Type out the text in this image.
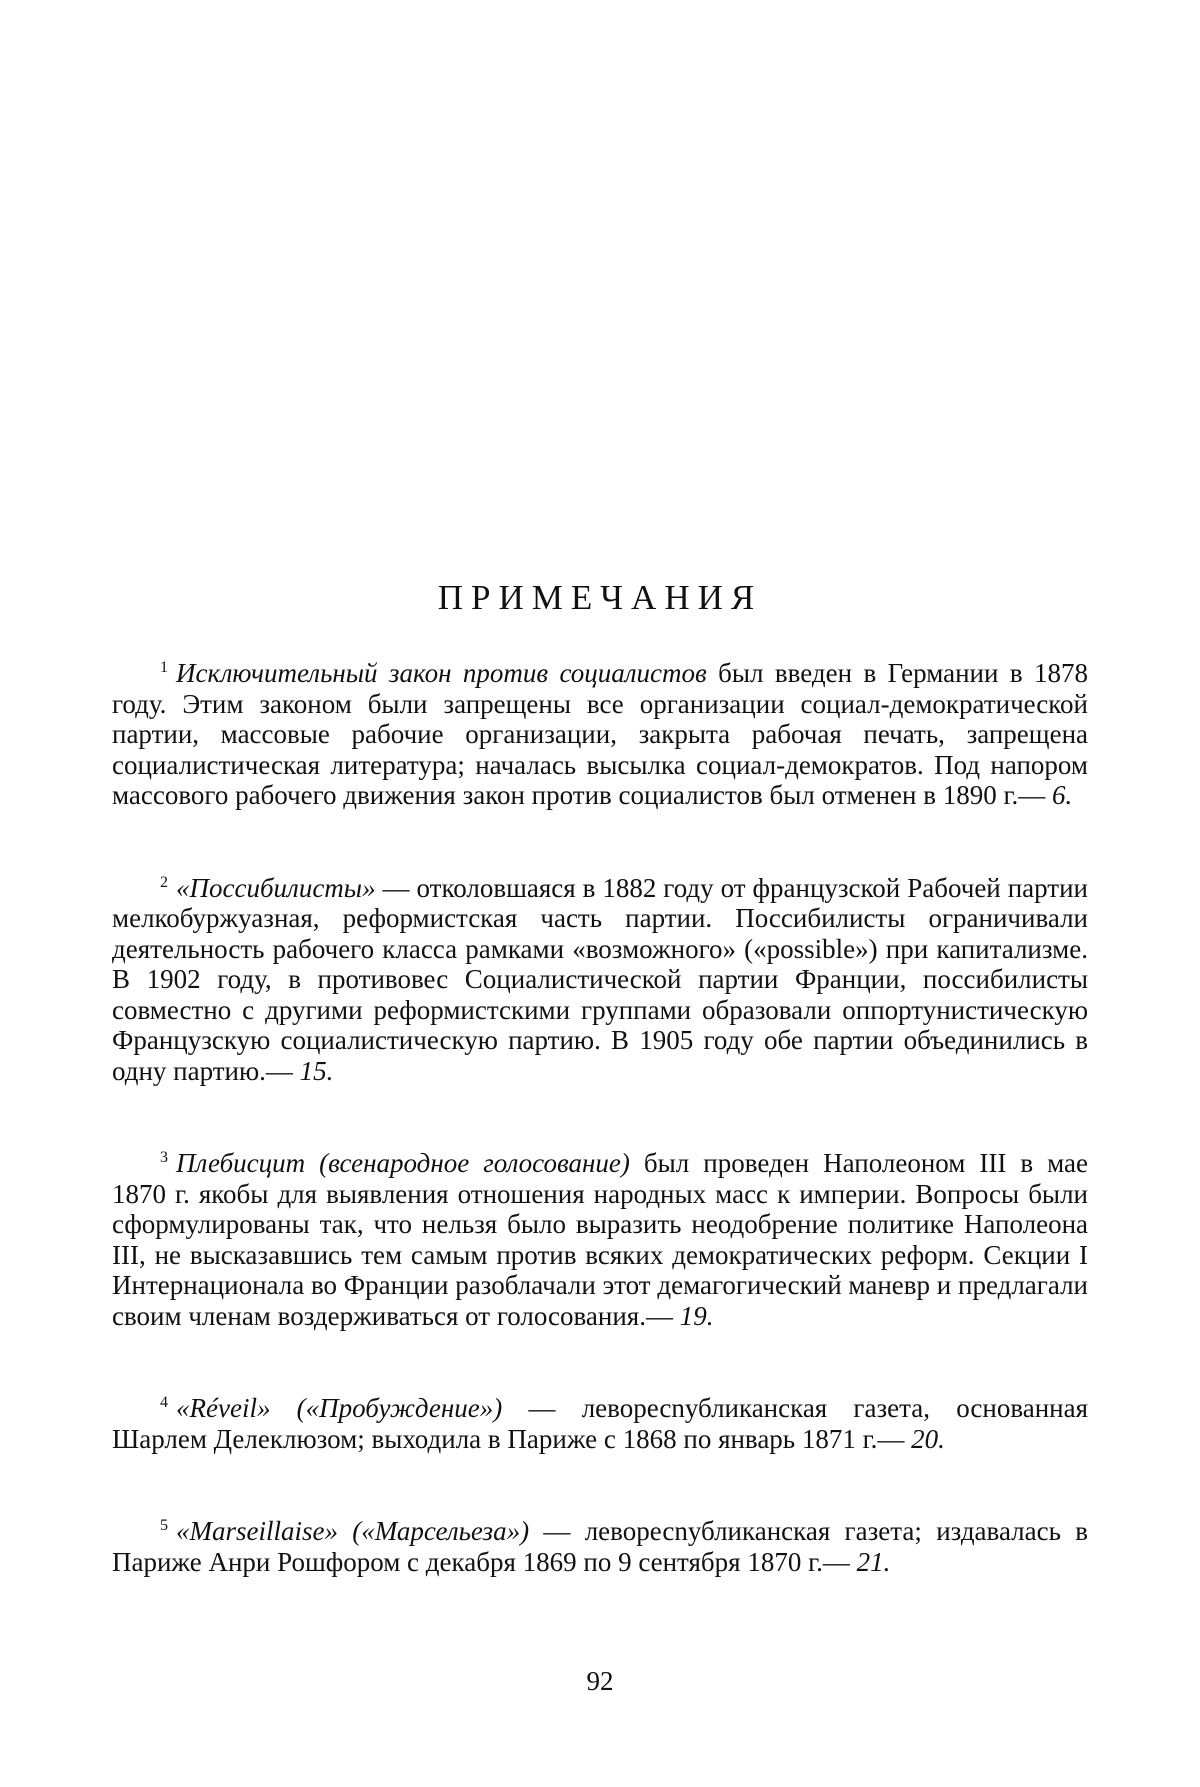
ПРИМЕЧАНИЯ

$^1$ Исключительный закон против социалистов был введен в Германии в 1878 году. Этим законом были запрещены все организации социал-демократической партии, массовые рабочие организации, закрыта рабочая печать, запрещена социалистическая литература; началась высылка социал-демократов. Под напором массового рабочего движения закон против социалистов был отменен в 1890 г.— 6.

$^2$ «Поссибилисты» — отколовшаяся в 1882 году от французской Рабочей партии мелкобуржуазная, реформистская часть партии. Поссибилисты ограничивали деятельность рабочего класса рамками «возможного» («possible») при капитализме. В 1902 году, в противовес Социалистической партии Франции, поссибилисты совместно с другими реформистскими группами образовали оппортунистическую Французскую социалистическую партию. В 1905 году обе партии объединились в одну партию.— 15.

$^3$ Плебисцит (всенародное голосование) был проведен Наполеоном III в мае 1870 г. якобы для выявления отношения народных масс к империи. Вопросы были сформулированы так, что нельзя было выразить неодобрение политике Наполеона III, не высказавшись тем самым против всяких демократических реформ. Секции I Интернационала во Франции разоблачали этот демагогический маневр и предлагали своим членам воздерживаться от голосования.— 19.

$^4$ «Réveil» («Пробуждение») — леворесnубликанская газета, основанная Шарлем Делеклюзом; выходила в Париже с 1868 по январь 1871 г.— 20.

$^5$ «Marseillaise» («Марсельеза») — леворесnубликанская газета; издавалась в Париже Анри Рошфором с декабря 1869 по 9 сентября 1870 г.— 21.

92
